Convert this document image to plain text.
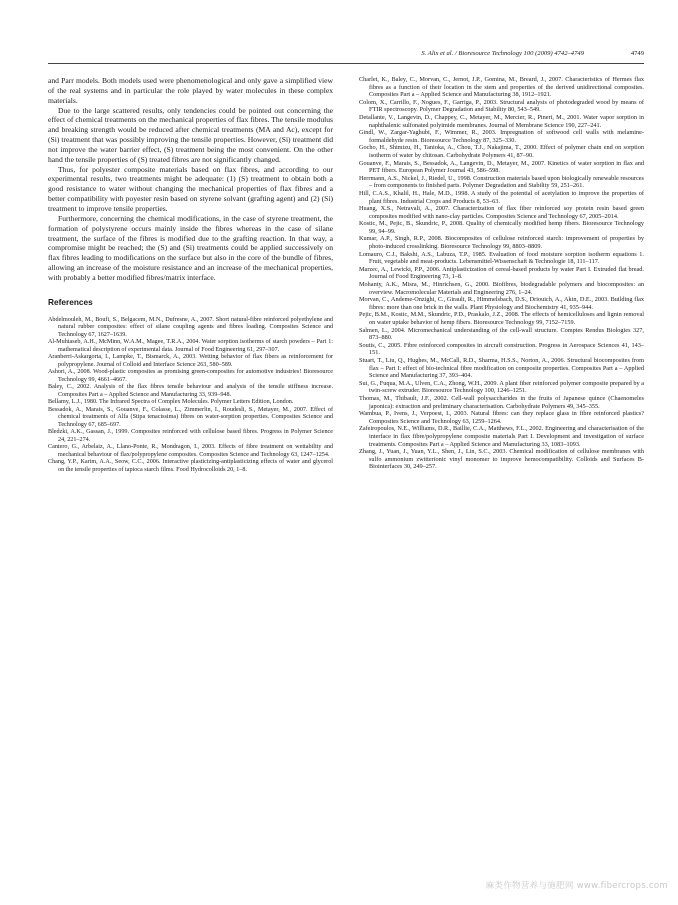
S. Alix et al. / Bioresource Technology 100 (2009) 4742–4749	4749

and Parr models. Both models used were phenomenological and only gave a simplified view of the real systems and in particular the role played by water molecules in these complex materials.

Due to the large scattered results, only tendencies could be pointed out concerning the effect of chemical treatments on the mechanical properties of flax fibres. The tensile modulus and breaking strength would be reduced after chemical treatments (MA and Ac), except for (Si) treatment that was possibly improving the tensile properties. However, (Si) treatment did not improve the water barrier effect, (S) treatment being the most convenient. On the other hand the tensile properties of (S) treated fibres are not significantly changed.

Thus, for polyester composite materials based on flax fibres, and according to our experimental results, two treatments might be adequate: (1) (S) treatment to obtain both a good resistance to water without changing the mechanical properties of flax fibres and a better compatibility with poyester resin based on styrene solvant (grafting agent) and (2) (Si) treatment to improve tensile properties.

Furthermore, concerning the chemical modifications, in the case of styrene treatment, the formation of polystyrene occurs mainly inside the fibres whereas in the case of silane treatment, the surface of the fibres is modified due to the grafting reaction. In that way, a compromise might be reached; the (S) and (Si) treatments could be applied successively on flax fibres leading to modifications on the surface but also in the core of the bundle of fibres, allowing an increase of the moisture resistance and an increase of the mechanical properties, with probably a better modified fibres/matrix interface.

References

Abdelmouleh, M., Boufi, S., Belgacem, M.N., Dufresne, A., 2007. Short natural-fibre reinforced polyethylene and natural rubber composites: effect of silane coupling agents and fibres loading. Composites Science and Technology 67, 1627–1639.

Al-Muhtaseb, A.H., McMinn, W.A.M., Magee, T.R.A., 2004. Water sorption isotherms of starch powders – Part 1: mathematical description of experimental data. Journal of Food Engineering 61, 297–307.

Aranberri-Askargorta, I., Lampke, T., Bismarck, A., 2003. Wetting behavior of flax fibers as reinforcement for polypropylene. Journal of Colloid and Interface Science 263, 580–589.

Ashori, A., 2008. Wood-plastic composites as promising green-composites for automotive industries! Bioresource Technology 99, 4661–4667.

Baley, C., 2002. Analysis of the flax fibres tensile behaviour and analysis of the tensile stiffness increase. Composites Part a – Applied Science and Manufacturing 33, 939–948.

Bellamy, L.J., 1980. The Infrared Spectra of Complex Molecules. Polymer Letters Edition, London.

Bessadok, A., Marais, S., Gouanve, F., Colasse, L., Zimmerlin, I., Roudesli, S., Metayer, M., 2007. Effect of chemical treatments of Alfa (Stipa tenacissima) fibres on water-sorption properties. Composites Science and Technology 67, 685–697.

Bledzki, A.K., Gassan, J., 1999. Composites reinforced with cellulose based fibres. Progress in Polymer Science 24, 221–274.

Cantero, G., Arbelaiz, A., Llano-Ponte, R., Mondragon, I., 2003. Effects of fibre treatment on wettability and mechanical behaviour of flax/polypropylene composites. Composites Science and Technology 63, 1247–1254.

Chang, Y.P., Karim, A.A., Seow, C.C., 2006. Interactive plasticizing-antiplasticizing effects of water and glycerol on the tensile properties of tapioca starch films. Food Hydrocolloids 20, 1–8.

Charlet, K., Baley, C., Morvan, C., Jernot, J.P., Gomina, M., Breard, J., 2007. Characteristics of Hermes flax fibres as a function of their location in the stem and properties of the derived unidirectional composites. Composites Part a – Applied Science and Manufacturing 38, 1912–1921.

Colom, X., Carrillo, F., Nogues, F., Garriga, P., 2003. Structural analysis of photodegraded wood by means of FTIR spectroscopy. Polymer Degradation and Stability 80, 543–549.

Detallante, V., Langevin, D., Chappey, C., Metayer, M., Mercier, R., Pineri, M., 2001. Water vapor sorption in naphthalenic sulfonated polyimide membranes. Journal of Membrane Science 190, 227–241.

Gindl, W., Zargar-Yaghubi, F., Wimmer, R., 2003. Impregnation of softwood cell walls with melamine-formaldehyde resin. Bioresource Technology 87, 325–330.

Gocho, H., Shimizu, H., Tanioka, A., Chou, T.J., Nakajima, T., 2000. Effect of polymer chain end on sorption isotherm of water by chitosan. Carbohydrate Polymers 41, 87–90.

Gouanve, F., Marais, S., Bessadok, A., Langevin, D., Metayer, M., 2007. Kinetics of water sorption in flax and PET fibers. European Polymer Journal 43, 586–598.

Herrmann, A.S., Nickel, J., Riedel, U., 1998. Construction materials based upon biologically renewable resources – from components to finished parts. Polymer Degradation and Stability 59, 251–261.

Hill, C.A.S., Khalil, H., Hale, M.D., 1998. A study of the potential of acetylation to improve the properties of plant fibres. Industrial Crops and Products 8, 53–63.

Huang, X.S., Netravali, A., 2007. Characterization of flax fiber reinforced soy protein resin based green composites modified with nano-clay particles. Composites Science and Technology 67, 2005–2014.

Kostic, M., Pejic, B., Skundric, P., 2008. Quality of chemically modified hemp fibers. Bioresource Technology 99, 94–99.

Kumar, A.P., Singh, R.P., 2008. Biocomposites of cellulose reinforced starch: improvement of properties by photo-induced crosslinking. Bioresource Technology 99, 8803–8809.

Lomauro, C.J., Bakshi, A.S., Labuza, T.P., 1985. Evaluation of food moisture sorption isotherm equations 1. Fruit, vegetable and meat-products. Lebensmittel-Wissenschaft & Technologie 18, 111–117.

Marzec, A., Lewicki, P.P., 2006. Antiplasticization of cereal-based products by water Part I. Extruded flat bread. Journal of Food Engineering 73, 1–8.

Mohanty, A.K., Misra, M., Hinrichsen, G., 2000. Biofibres, biodegradable polymers and biocomposites: an overview. Macromolecular Materials and Engineering 276, 1–24.

Morvan, C., Andeme-Onzighi, C., Girault, R., Himmelsbach, D.S., Driouich, A., Akin, D.E., 2003. Building flax fibres: more than one brick in the walls. Plant Physiology and Biochemistry 41, 935–944.

Pejic, B.M., Kostic, M.M., Skundric, P.D., Praskalo, J.Z., 2008. The effects of hemicelluloses and lignin removal on water uptake behavior of hemp fibers. Bioresource Technology 99, 7152–7159.

Salmen, L., 2004. Micromechanical understanding of the cell-wall structure. Comptes Rendus Biologies 327, 873–880.

Soutis, C., 2005. Fibre reinforced composites in aircraft construction. Progress in Aerospace Sciences 41, 143–151.

Stuart, T., Liu, Q., Hughes, M., McCall, R.D., Sharma, H.S.S., Norton, A., 2006. Structural biocomposites from flax – Part I: effect of bio-technical fibre modification on composite properties. Composites Part a – Applied Science and Manufacturing 37, 393–404.

Sui, G., Fuqua, M.A., Ulven, C.A., Zhong, W.H., 2009. A plant fiber reinforced polymer composite prepared by a twin-screw extruder. Bioresource Technology 100, 1246–1251.

Thomas, M., Thibault, J.F., 2002. Cell-wall polysaccharides in the fruits of Japanese quince (Chaenomeles japonica): extraction and preliminary characterisation. Carbohydrate Polymers 49, 345–355.

Wambua, P., Ivens, J., Verpoest, I., 2003. Natural fibres: can they replace glass in fibre reinforced plastics? Composites Science and Technology 63, 1259–1264.

Zafeiropoulos, N.E., Williams, D.R., Baillie, C.A., Matthews, F.L., 2002. Engineering and characterisation of the interface in flax fibre/polypropylene composite materials Part I. Development and investigation of surface treatments. Composites Part a – Applied Science and Manufacturing 33, 1083–1093.

Zhang, J., Yuan, J., Yuan, Y.L., Shen, J., Lin, S.C., 2003. Chemical modification of cellulose membranes with sulfo ammonium zwitterionic vinyl monomer to improve hemocompatibility. Colloids and Surfaces B-Biointerfaces 30, 249–257.

麻类作物营养与施肥网 www.fibercrops.com
